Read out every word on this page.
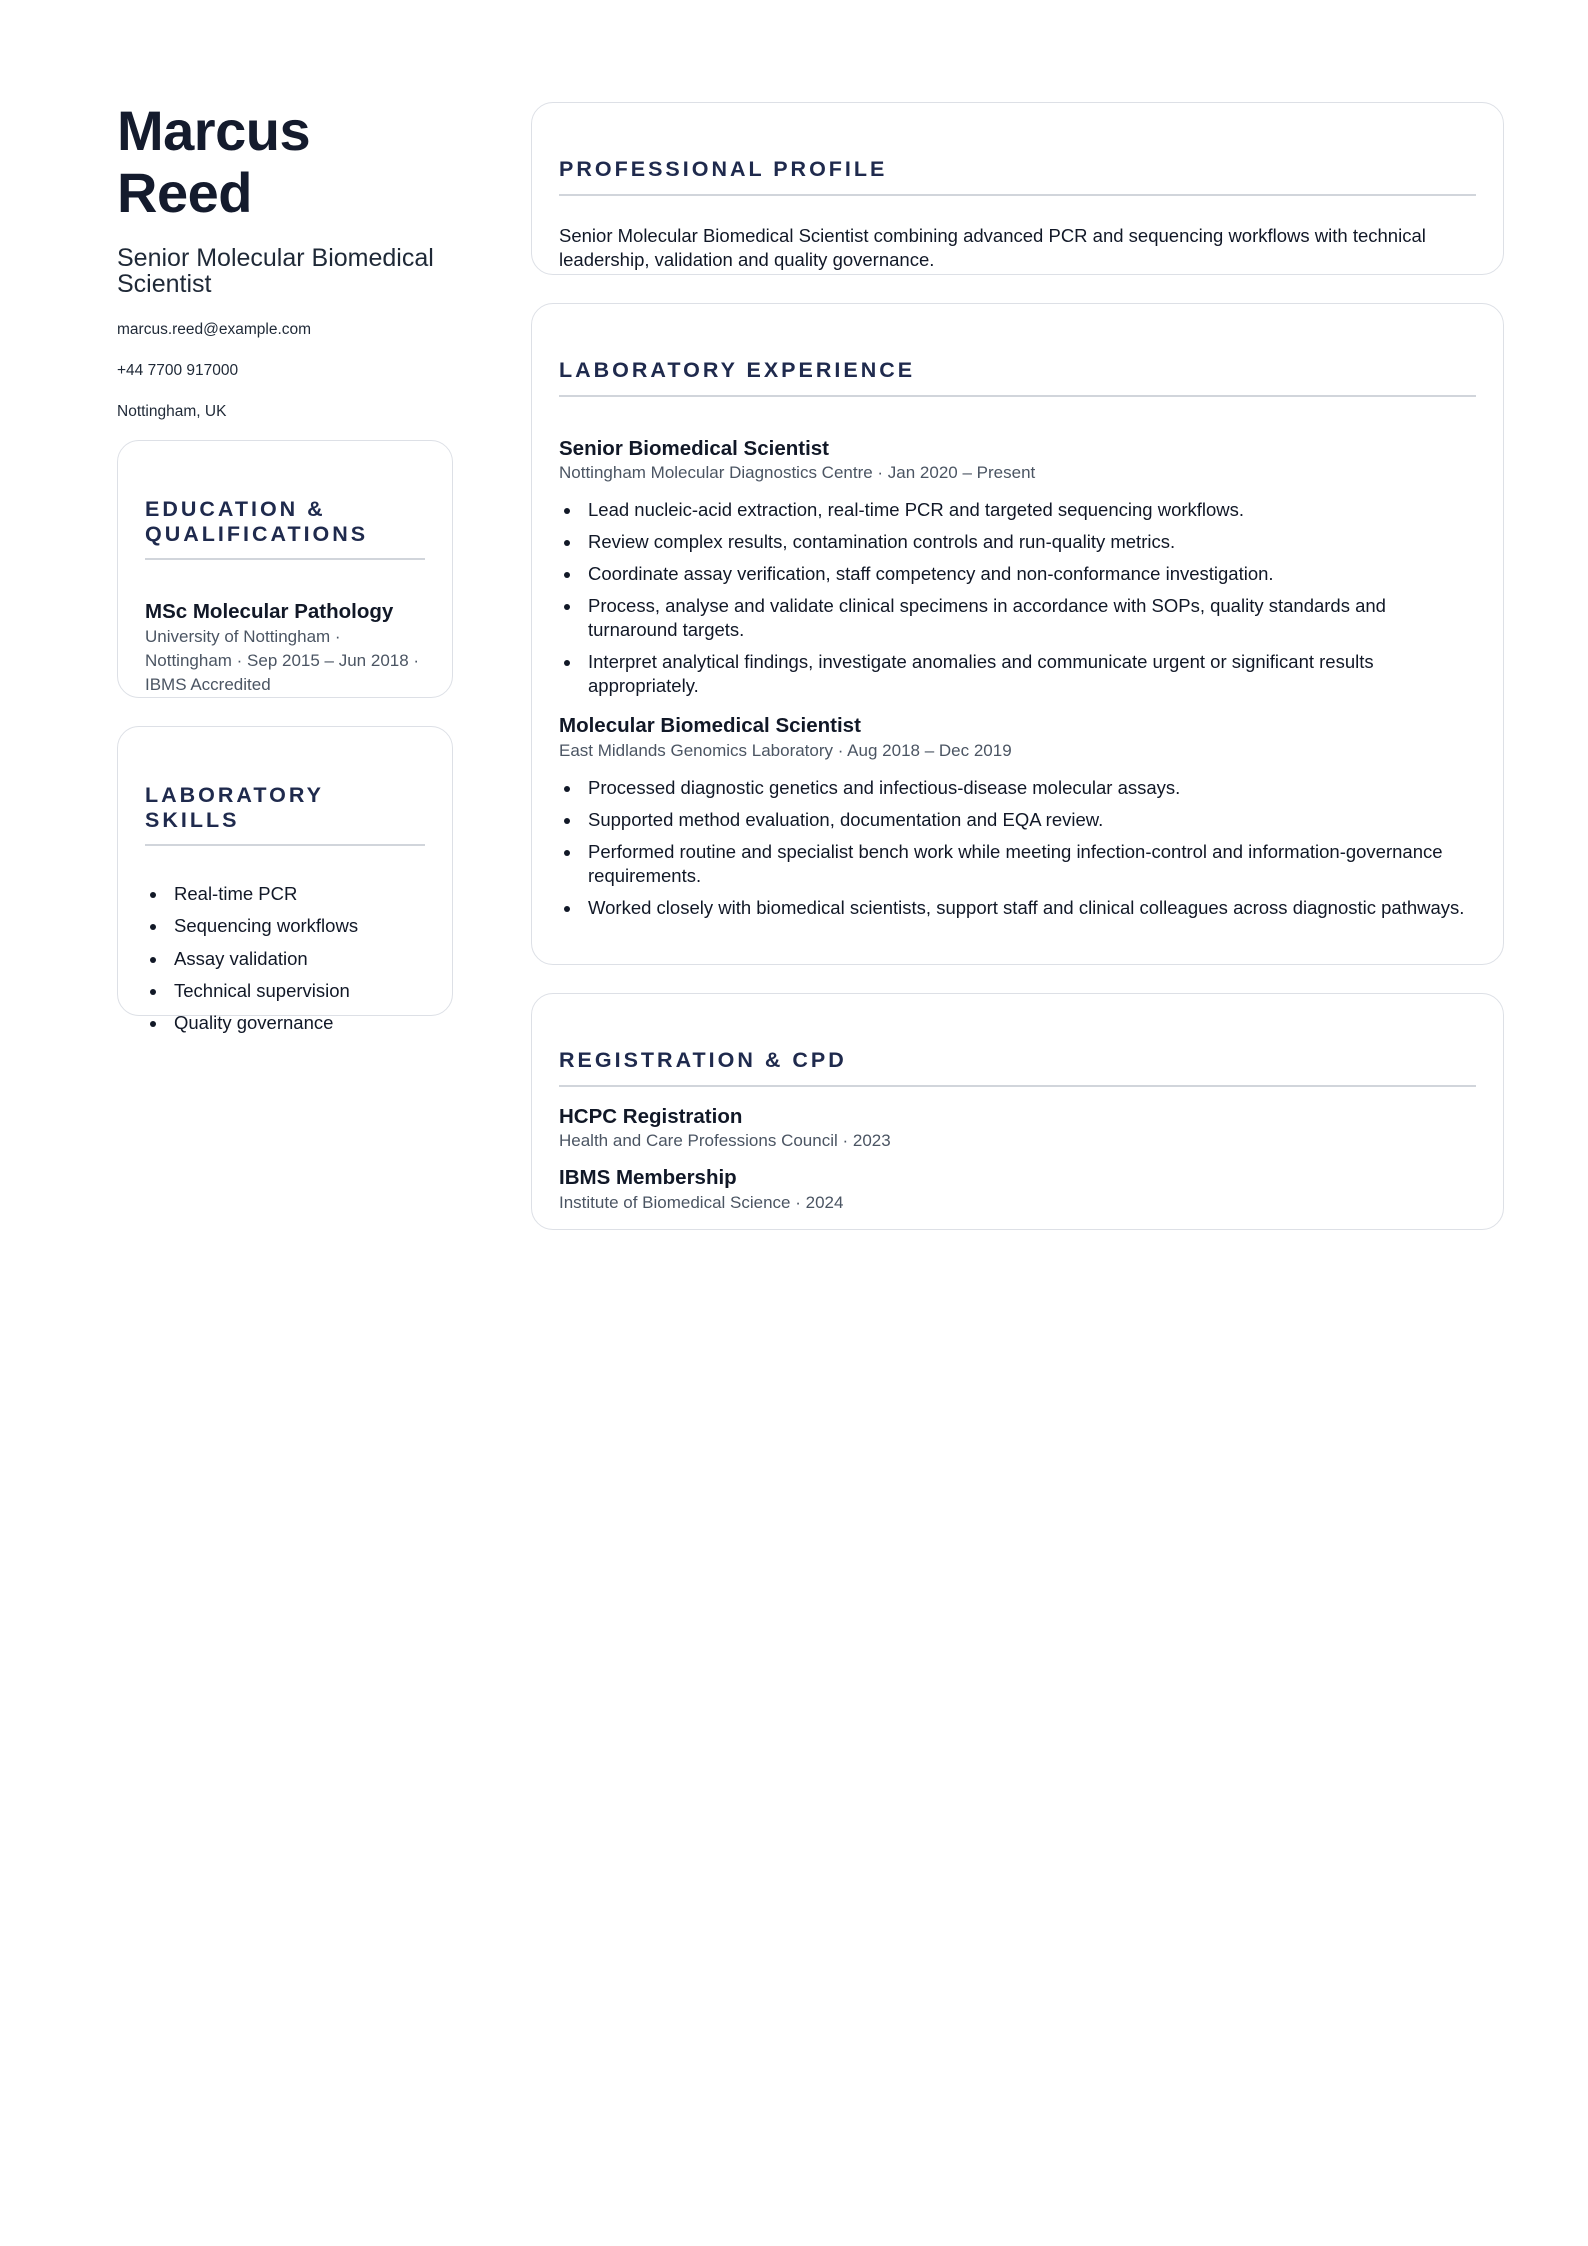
Marcus Reed
Senior Molecular Biomedical Scientist
marcus.reed@example.com
+44 7700 917000
Nottingham, UK
EDUCATION & QUALIFICATIONS
MSc Molecular Pathology
University of Nottingham · Nottingham · Sep 2015 – Jun 2018 · IBMS Accredited
LABORATORY SKILLS
Real-time PCR
Sequencing workflows
Assay validation
Technical supervision
Quality governance
PROFESSIONAL PROFILE
Senior Molecular Biomedical Scientist combining advanced PCR and sequencing workflows with technical leadership, validation and quality governance.
LABORATORY EXPERIENCE
Senior Biomedical Scientist
Nottingham Molecular Diagnostics Centre · Jan 2020 – Present
Lead nucleic-acid extraction, real-time PCR and targeted sequencing workflows.
Review complex results, contamination controls and run-quality metrics.
Coordinate assay verification, staff competency and non-conformance investigation.
Process, analyse and validate clinical specimens in accordance with SOPs, quality standards and turnaround targets.
Interpret analytical findings, investigate anomalies and communicate urgent or significant results appropriately.
Molecular Biomedical Scientist
East Midlands Genomics Laboratory · Aug 2018 – Dec 2019
Processed diagnostic genetics and infectious-disease molecular assays.
Supported method evaluation, documentation and EQA review.
Performed routine and specialist bench work while meeting infection-control and information-governance requirements.
Worked closely with biomedical scientists, support staff and clinical colleagues across diagnostic pathways.
REGISTRATION & CPD
HCPC Registration
Health and Care Professions Council · 2023
IBMS Membership
Institute of Biomedical Science · 2024
